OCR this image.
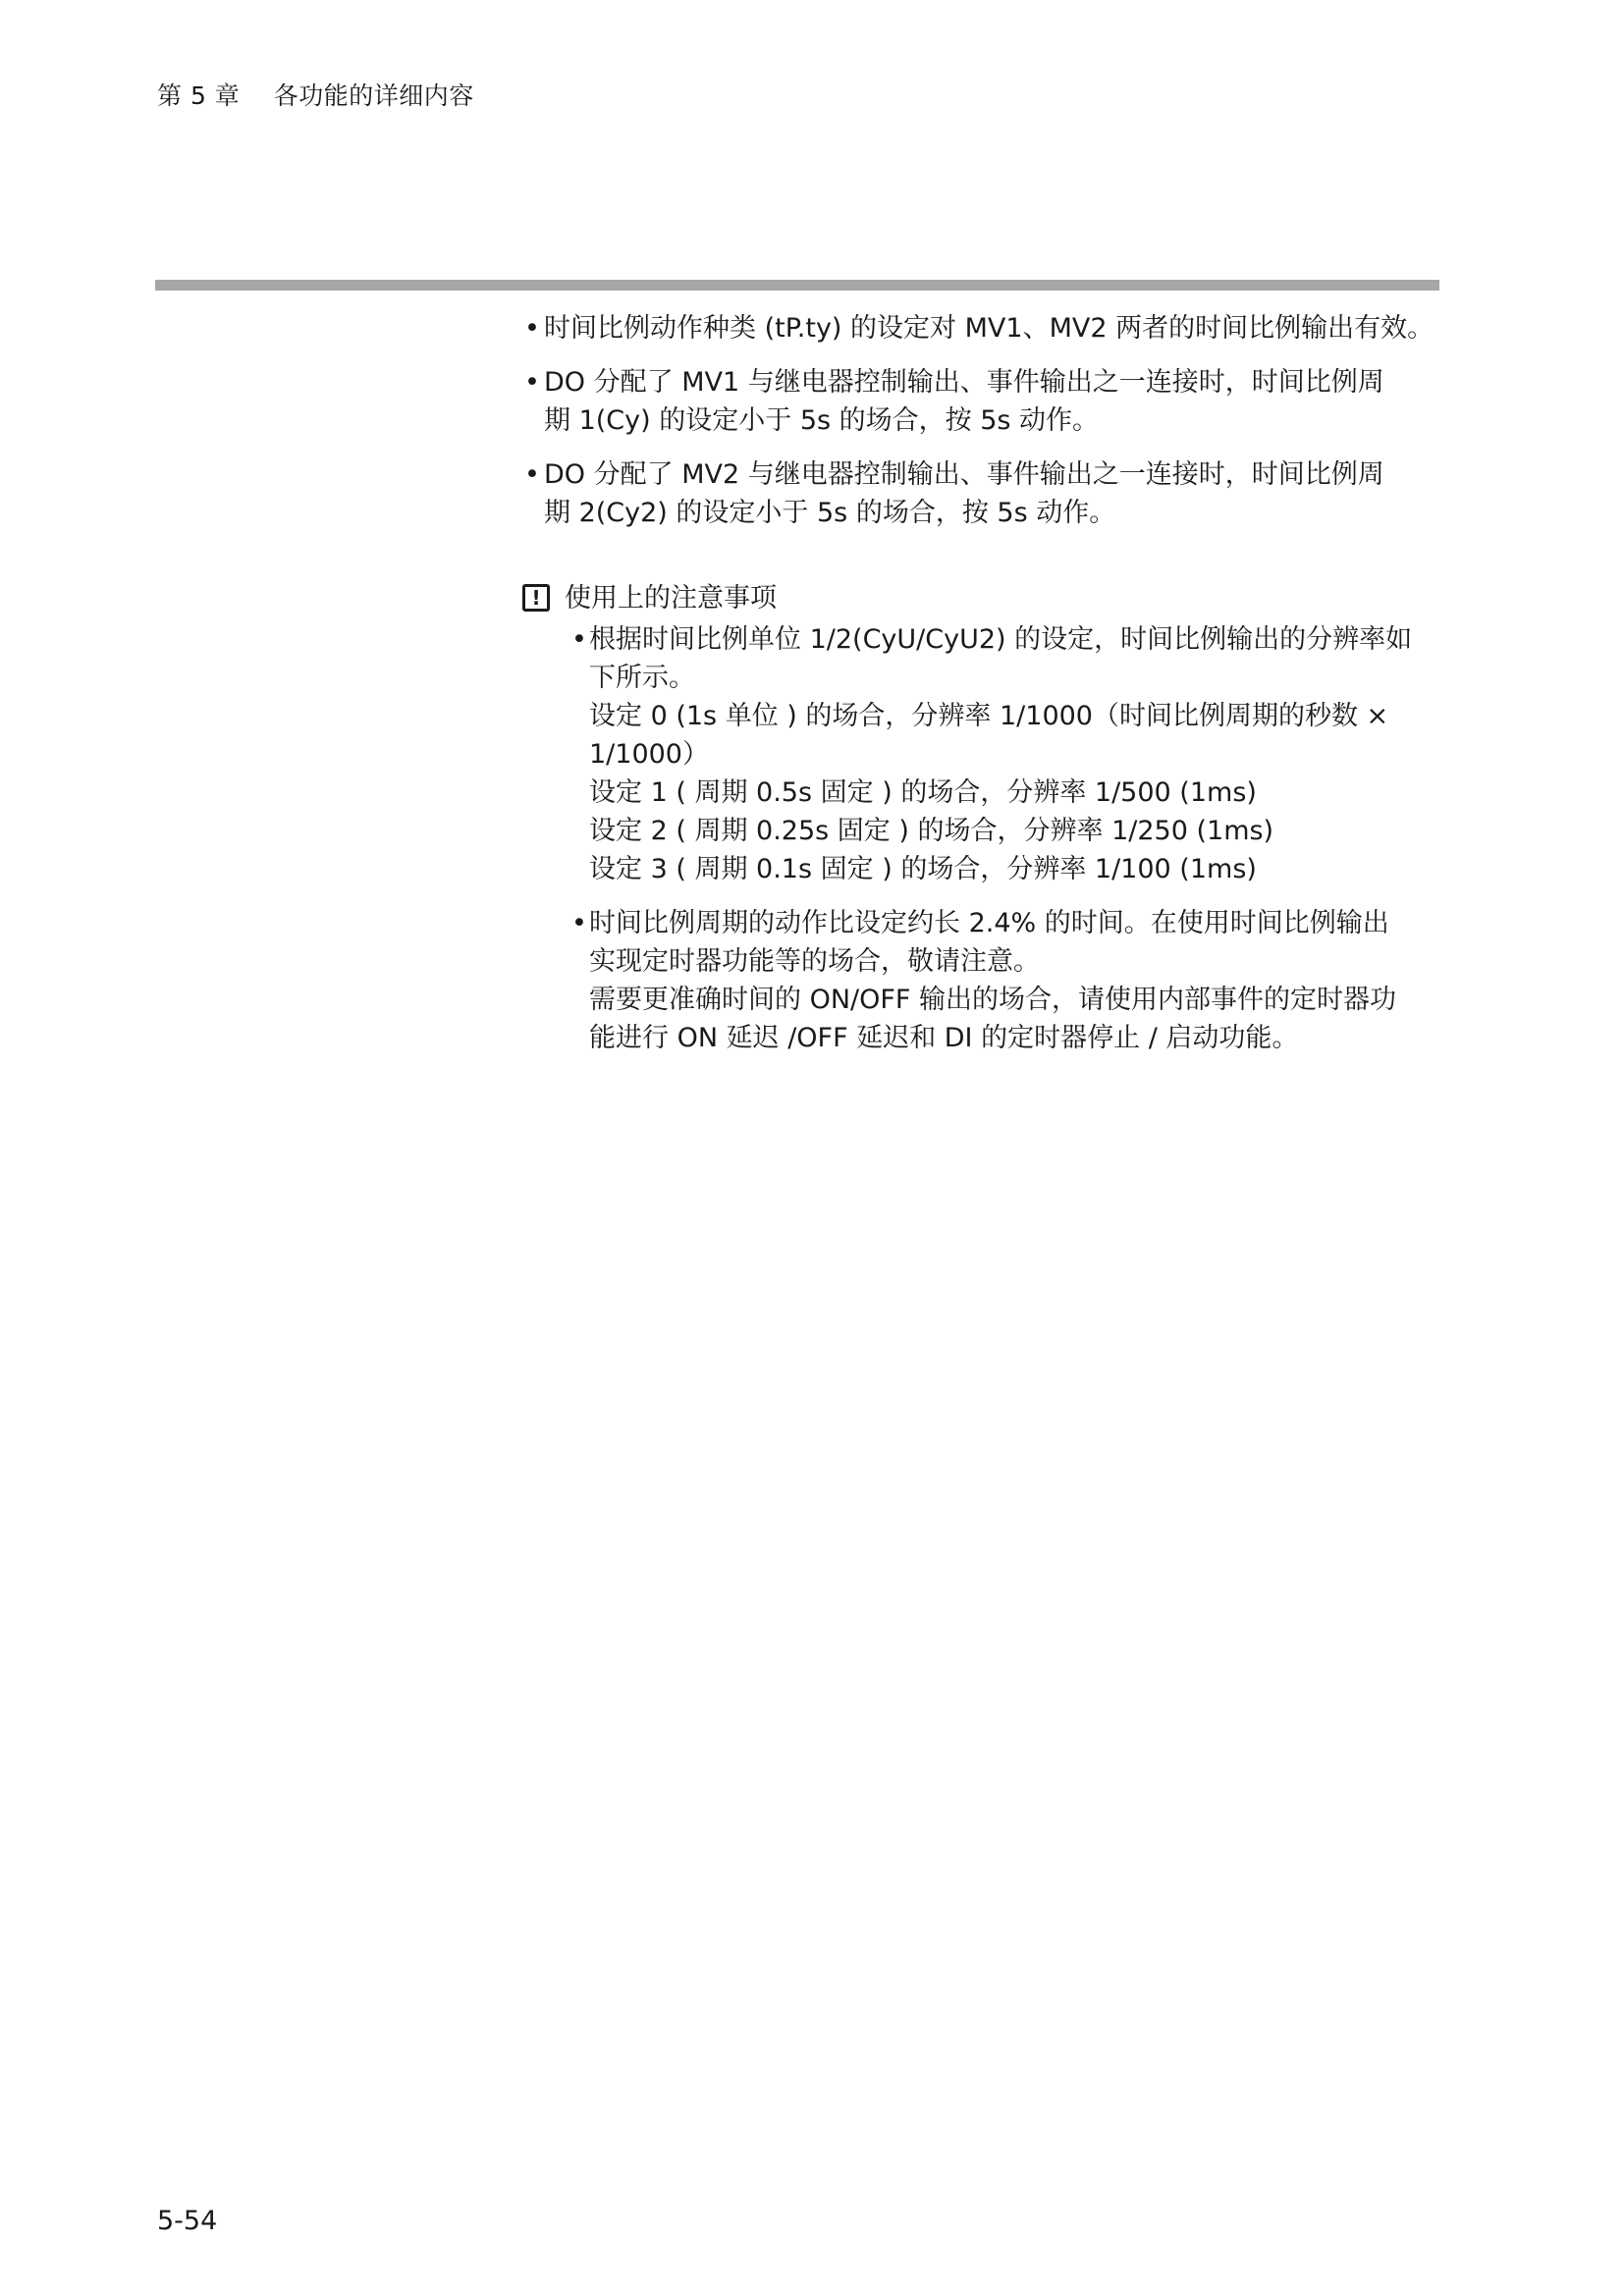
第 5 章 各功能的详细内容
• 时间比例动作种类 (tP.ty) 的设定对 MV1、MV2 两者的时间比例输出有效。
• DO 分配了 MV1 与继电器控制输出、事件输出之一连接时，时间比例周
期 1(Cy) 的设定小于 5s 的场合，按 5s 动作。
• DO 分配了 MV2 与继电器控制输出、事件输出之一连接时，时间比例周
期 2(Cy2) 的设定小于 5s 的场合，按 5s 动作。
! 使用上的注意事项
• 根据时间比例单位 1/2(CyU/CyU2) 的设定，时间比例输出的分辨率如
下所示。
设定 0 (1s 单位 ) 的场合，分辨率 1/1000（时间比例周期的秒数 ×
1/1000）
设定 1 ( 周期 0.5s 固定 ) 的场合，分辨率 1/500 (1ms)
设定 2 ( 周期 0.25s 固定 ) 的场合，分辨率 1/250 (1ms)
设定 3 ( 周期 0.1s 固定 ) 的场合，分辨率 1/100 (1ms)
• 时间比例周期的动作比设定约长 2.4% 的时间。在使用时间比例输出
实现定时器功能等的场合，敬请注意。
需要更准确时间的 ON/OFF 输出的场合，请使用内部事件的定时器功
能进行 ON 延迟 /OFF 延迟和 DI 的定时器停止 / 启动功能。
5-54
